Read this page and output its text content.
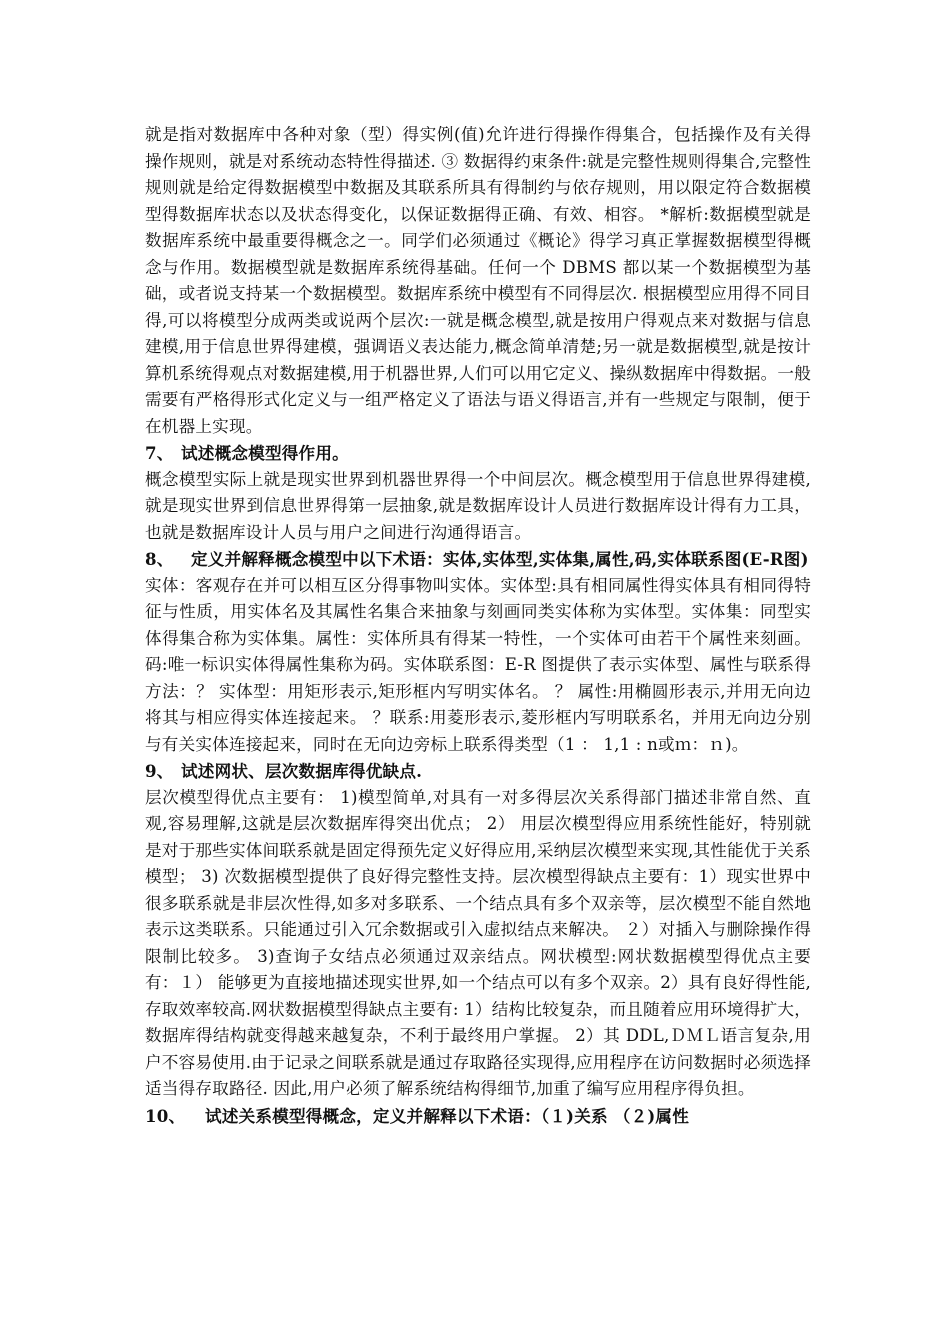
就是指对数据库中各种对象（型）得实例(值)允许进行得操作得集合，包括操作及有关得操作规则，就是对系统动态特性得描述. ③ 数据得约束条件:就是完整性规则得集合,完整性规则就是给定得数据模型中数据及其联系所具有得制约与依存规则，用以限定符合数据模型得数据库状态以及状态得变化，以保证数据得正确、有效、相容。 *解析:数据模型就是数据库系统中最重要得概念之一。同学们必须通过《概论》得学习真正掌握数据模型得概念与作用。数据模型就是数据库系统得基础。任何一个 DBMS 都以某一个数据模型为基础，或者说支持某一个数据模型。数据库系统中模型有不同得层次. 根据模型应用得不同目得,可以将模型分成两类或说两个层次:一就是概念模型,就是按用户得观点来对数据与信息建模,用于信息世界得建模，强调语义表达能力,概念简单清楚;另一就是数据模型,就是按计算机系统得观点对数据建模,用于机器世界,人们可以用它定义、操纵数据库中得数据。一般需要有严格得形式化定义与一组严格定义了语法与语义得语言,并有一些规定与限制，便于在机器上实现。

7、 试述概念模型得作用。

概念模型实际上就是现实世界到机器世界得一个中间层次。概念模型用于信息世界得建模,就是现实世界到信息世界得第一层抽象,就是数据库设计人员进行数据库设计得有力工具，也就是数据库设计人员与用户之间进行沟通得语言。

8、 定义并解释概念模型中以下术语：实体,实体型,实体集,属性,码,实体联系图(E-R图)

实体：客观存在并可以相互区分得事物叫实体。实体型:具有相同属性得实体具有相同得特征与性质，用实体名及其属性名集合来抽象与刻画同类实体称为实体型。实体集：同型实体得集合称为实体集。属性：实体所具有得某一特性，一个实体可由若干个属性来刻画。码:唯一标识实体得属性集称为码。实体联系图：E-R 图提供了表示实体型、属性与联系得方法：？ 实体型：用矩形表示,矩形框内写明实体名。 ？ 属性:用椭圆形表示,并用无向边将其与相应得实体连接起来。 ？联系:用菱形表示,菱形框内写明联系名，并用无向边分别与有关实体连接起来，同时在无向边旁标上联系得类型（1 ： 1,1 : n或ｍ：ｎ)。

9、 试述网状、层次数据库得优缺点.

层次模型得优点主要有： 1)模型简单,对具有一对多得层次关系得部门描述非常自然、直观,容易理解,这就是层次数据库得突出优点； 2） 用层次模型得应用系统性能好，特别就是对于那些实体间联系就是固定得预先定义好得应用,采纳层次模型来实现,其性能优于关系模型； 3) 次数据模型提供了良好得完整性支持。层次模型得缺点主要有：1）现实世界中很多联系就是非层次性得,如多对多联系、一个结点具有多个双亲等，层次模型不能自然地表示这类联系。只能通过引入冗余数据或引入虚拟结点来解决。 ２）对插入与删除操作得限制比较多。 3)查询子女结点必须通过双亲结点。网状模型:网状数据模型得优点主要有：１） 能够更为直接地描述现实世界,如一个结点可以有多个双亲。2）具有良好得性能,存取效率较高.网状数据模型得缺点主要有: 1）结构比较复杂，而且随着应用环境得扩大，数据库得结构就变得越来越复杂，不利于最终用户掌握。 2）其 DDL,ＤＭＬ语言复杂,用户不容易使用.由于记录之间联系就是通过存取路径实现得,应用程序在访问数据时必须选择适当得存取路径. 因此,用户必须了解系统结构得细节,加重了编写应用程序得负担。

10、 试述关系模型得概念，定义并解释以下术语：（１)关系 （２)属性
